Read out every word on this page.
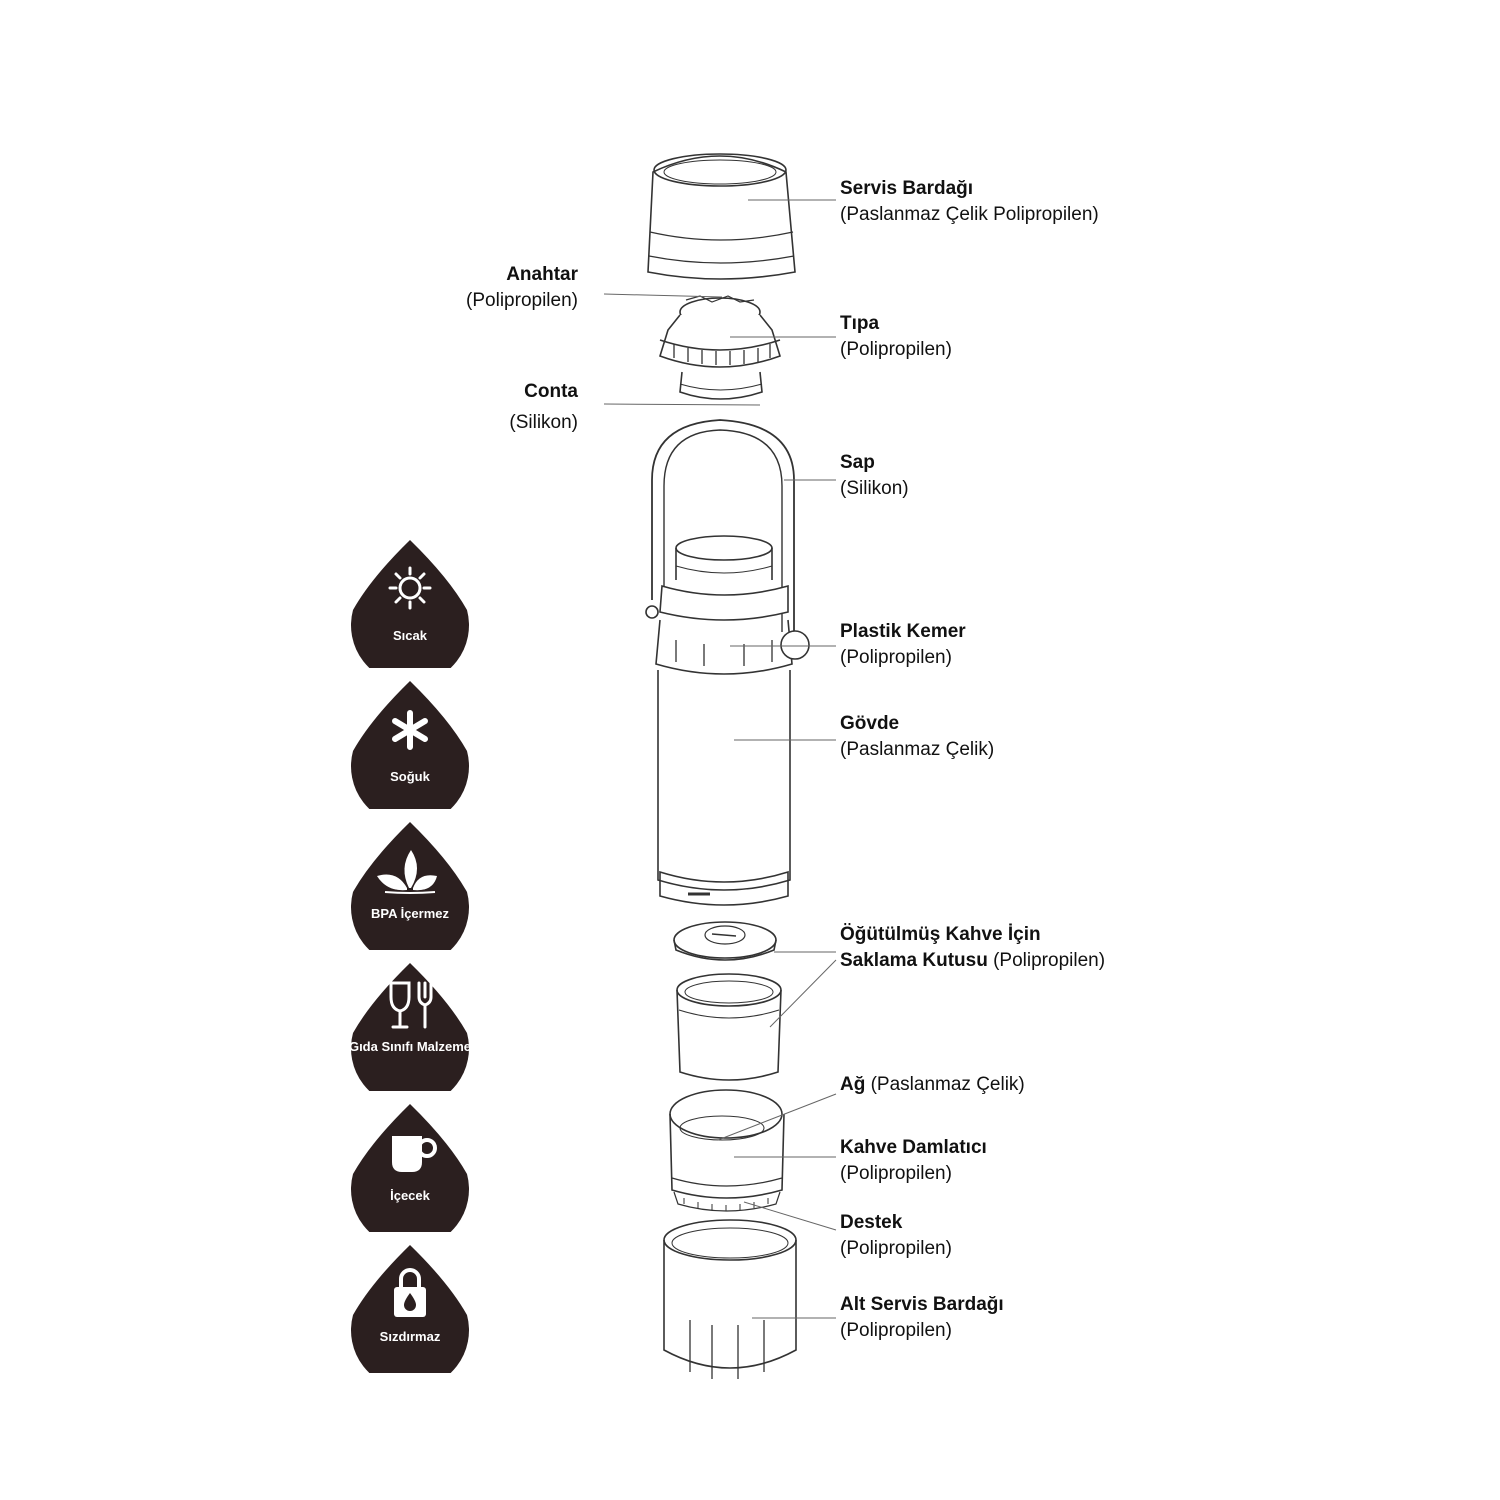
Servis Bardağı
(Paslanmaz Çelik Polipropilen)
Tıpa
(Polipropilen)
Sap
(Silikon)
Plastik Kemer
(Polipropilen)
Gövde
(Paslanmaz Çelik)
Öğütülmüş Kahve İçin
Saklama Kutusu (Polipropilen)
Ağ (Paslanmaz Çelik)
Kahve Damlatıcı
(Polipropilen)
Destek
(Polipropilen)
Alt Servis Bardağı
(Polipropilen)
Anahtar
(Polipropilen)
Conta
(Silikon)
Sıcak
Soğuk
BPA İçermez
Gıda Sınıfı Malzeme
İçecek
Sızdırmaz
